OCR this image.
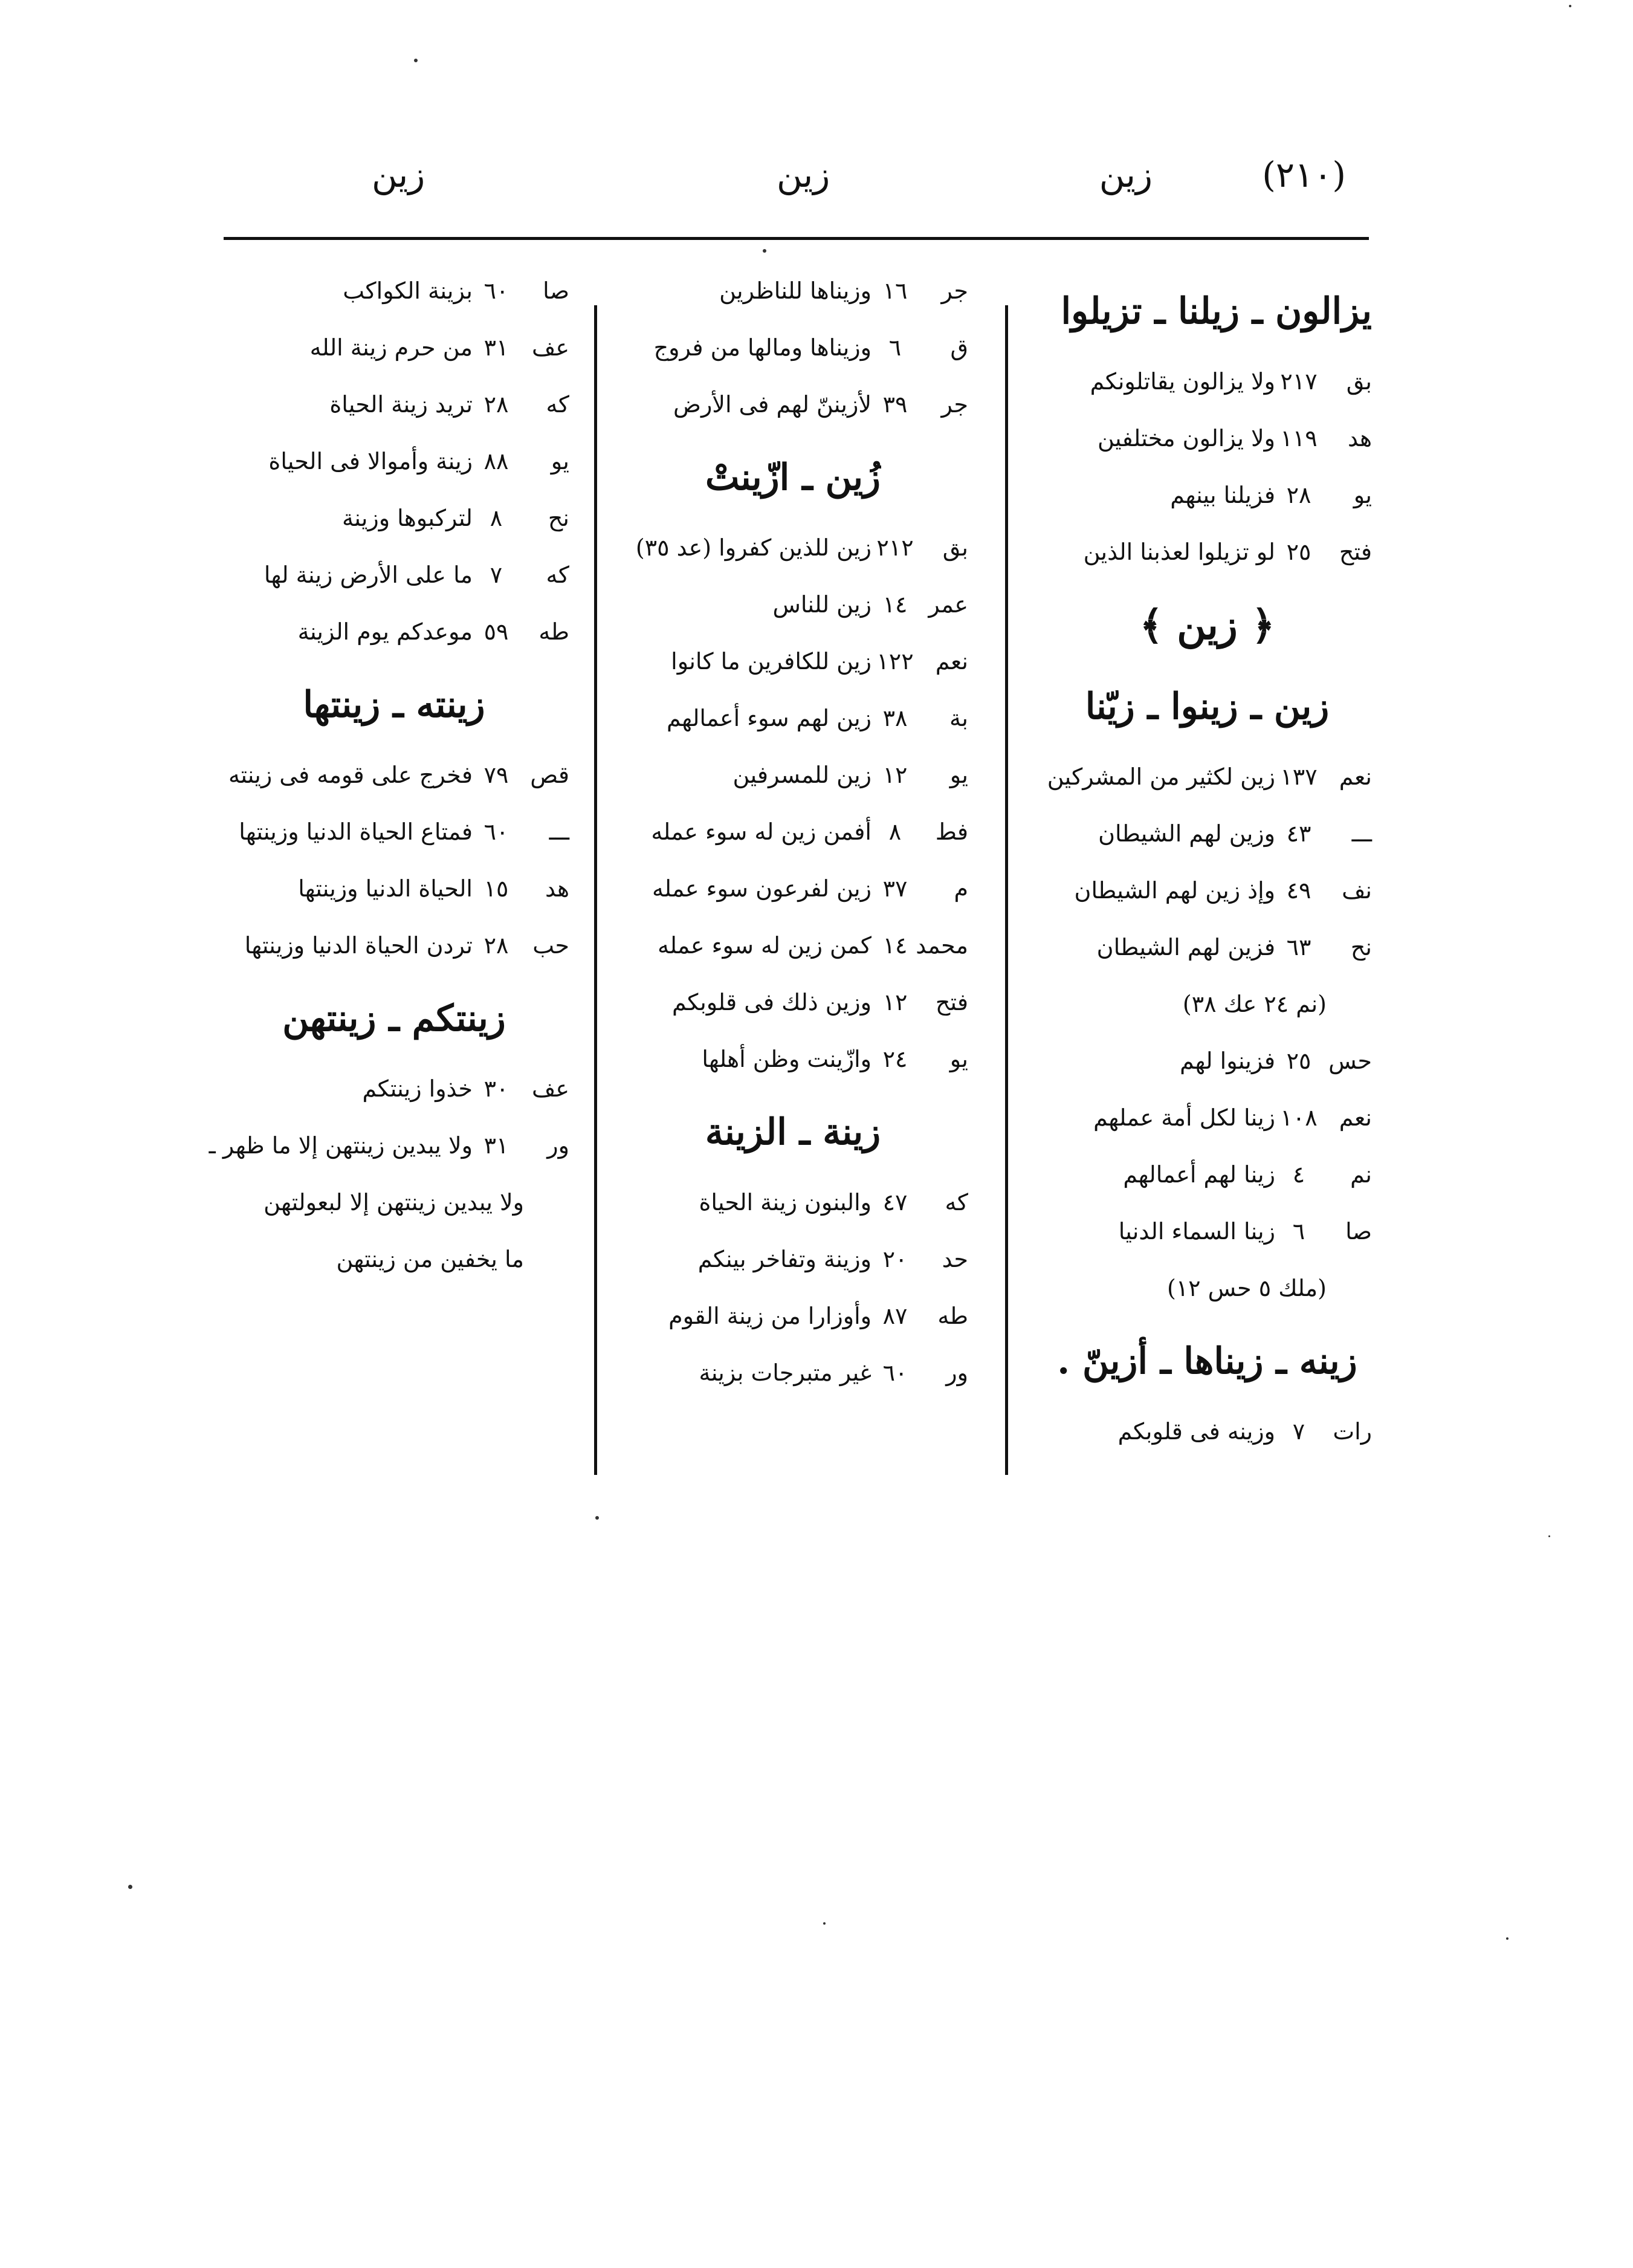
(٢١٠)
زين
زين
زين
يزالون ـ زيلنا ـ تزيلوا
بق٢١٧ولا يزالون يقاتلونكم
هد١١٩ولا يزالون مختلفين
يو٢٨فزيلنا بينهم
فتح٢٥لو تزيلوا لعذبنا الذين
﴿ زين ﴾
زين ـ زينوا ـ زيّنا
نعم١٣٧زين لكثير من المشركين
ـــ٤٣وزين لهم الشيطان
نف٤٩وإذ زين لهم الشيطان
نح٦٣فزين لهم الشيطان
(نم ٢٤ عك ٣٨)
حس٢٥فزينوا لهم
نعم١٠٨زينا لكل أمة عملهم
نم٤زينا لهم أعمالهم
صا٦زينا السماء الدنيا
(ملك ٥ حس ١٢)
زينه ـ زيناها ـ أزينّ .
رات٧وزينه فى قلوبكم
جر١٦وزيناها للناظرين
ق٦وزيناها ومالها من فروج
جر٣٩لأزيننّ لهم فى الأرض
زُين ـ ازّينتْ
بق٢١٢زين للذين كفروا (عد ٣٥)
عمر١٤زين للناس
نعم١٢٢زين للكافرين ما كانوا
بة٣٨زين لهم سوء أعمالهم
يو١٢زين للمسرفين
فط٨أفمن زين له سوء عمله
م٣٧زين لفرعون سوء عمله
محمد١٤كمن زين له سوء عمله
فتح١٢وزين ذلك فى قلوبكم
يو٢٤وازّينت وظن أهلها
زينة ـ الزينة
كه٤٧والبنون زينة الحياة
حد٢٠وزينة وتفاخر بينكم
طه٨٧وأوزارا من زينة القوم
ور٦٠غير متبرجات بزينة
صا٦٠بزينة الكواكب
عف٣١من حرم زينة الله
كه٢٨تريد زينة الحياة
يو٨٨زينة وأموالا فى الحياة
نح٨لتركبوها وزينة
كه٧ما على الأرض زينة لها
طه٥٩موعدكم يوم الزينة
زينته ـ زينتها
قص٧٩فخرج على قومه فى زينته
ـــ٦٠فمتاع الحياة الدنيا وزينتها
هد١٥الحياة الدنيا وزينتها
حب٢٨تردن الحياة الدنيا وزينتها
زينتكم ـ زينتهن
عف٣٠خذوا زينتكم
ور٣١ولا يبدين زينتهن إلا ما ظهر ـ
ولا يبدين زينتهن إلا لبعولتهن
ما يخفين من زينتهن
